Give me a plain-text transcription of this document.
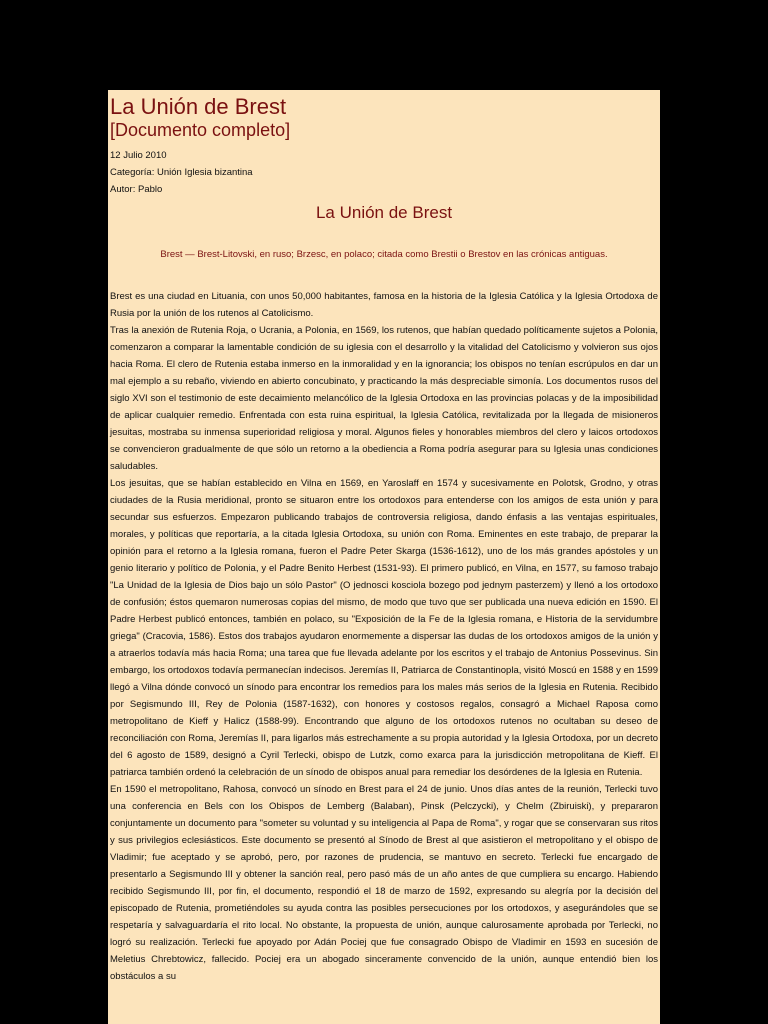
La Unión de Brest
[Documento completo]
12 Julio 2010
Categoría: Unión Iglesia bizantina
Autor: Pablo
La Unión de Brest

Brest — Brest-Litovski, en ruso; Brzesc, en polaco; citada como Brestii o Brestov en las crónicas antiguas.

Brest es una ciudad en Lituania, con unos 50,000 habitantes, famosa en la historia de la Iglesia Católica y la Iglesia Ortodoxa de Rusia por la unión de los rutenos al Catolicismo.

Tras la anexión de Rutenia Roja, o Ucrania, a Polonia, en 1569, los rutenos, que habían quedado políticamente sujetos a Polonia, comenzaron a comparar la lamentable condición de su iglesia con el desarrollo y la vitalidad del Catolicismo y volvieron sus ojos hacia Roma. El clero de Rutenia estaba inmerso en la inmoralidad y en la ignorancia; los obispos no tenían escrúpulos en dar un mal ejemplo a su rebaño, viviendo en abierto concubinato, y practicando la más despreciable simonía. Los documentos rusos del siglo XVI son el testimonio de este decaimiento melancólico de la Iglesia Ortodoxa en las provincias polacas y de la imposibilidad de aplicar cualquier remedio. Enfrentada con esta ruina espiritual, la Iglesia Católica, revitalizada por la llegada de misioneros jesuitas, mostraba su inmensa superioridad religiosa y moral. Algunos fieles y honorables miembros del clero y laicos ortodoxos se convencieron gradualmente de que sólo un retorno a la obediencia a Roma podría asegurar para su Iglesia unas condiciones saludables.

Los jesuitas, que se habían establecido en Vilna en 1569, en Yaroslaff en 1574 y sucesivamente en Polotsk, Grodno, y otras ciudades de la Rusia meridional, pronto se situaron entre los ortodoxos para entenderse con los amigos de esta unión y para secundar sus esfuerzos. Empezaron publicando trabajos de controversia religiosa, dando énfasis a las ventajas espirituales, morales, y políticas que reportaría, a la citada Iglesia Ortodoxa, su unión con Roma. Eminentes en este trabajo, de preparar la opinión para el retorno a la Iglesia romana, fueron el Padre Peter Skarga (1536-1612), uno de los más grandes apóstoles y un genio literario y político de Polonia, y el Padre Benito Herbest (1531-93). El primero publicó, en Vilna, en 1577, su famoso trabajo "La Unidad de la Iglesia de Dios bajo un sólo Pastor" (O jednosci kosciola bozego pod jednym pasterzem) y llenó a los ortodoxo de confusión; éstos quemaron numerosas copias del mismo, de modo que tuvo que ser publicada una nueva edición en 1590. El Padre Herbest publicó entonces, también en polaco, su "Exposición de la Fe de la Iglesia romana, e Historia de la servidumbre griega" (Cracovia, 1586). Estos dos trabajos ayudaron enormemente a dispersar las dudas de los ortodoxos amigos de la unión y a atraerlos todavía más hacia Roma; una tarea que fue llevada adelante por los escritos y el trabajo de Antonius Possevinus. Sin embargo, los ortodoxos todavía permanecían indecisos. Jeremías II, Patriarca de Constantinopla, visitó Moscú en 1588 y en 1599 llegó a Vilna dónde convocó un sínodo para encontrar los remedios para los males más serios de la Iglesia en Rutenia. Recibido por Segismundo III, Rey de Polonia (1587-1632), con honores y costosos regalos, consagró a Michael Raposa como metropolitano de Kieff y Halicz (1588-99). Encontrando que alguno de los ortodoxos rutenos no ocultaban su deseo de reconciliación con Roma, Jeremías II, para ligarlos más estrechamente a su propia autoridad y la Iglesia Ortodoxa, por un decreto del 6 agosto de 1589, designó a Cyril Terlecki, obispo de Lutzk, como exarca para la jurisdicción metropolitana de Kieff. El patriarca también ordenó la celebración de un sínodo de obispos anual para remediar los desórdenes de la Iglesia en Rutenia.

En 1590 el metropolitano, Rahosa, convocó un sínodo en Brest para el 24 de junio. Unos días antes de la reunión, Terlecki tuvo una conferencia en Bels con los Obispos de Lemberg (Balaban), Pinsk (Pelczycki), y Chelm (Zbiruiski), y prepararon conjuntamente un documento para "someter su voluntad y su inteligencia al Papa de Roma", y rogar que se conservaran sus ritos y sus privilegios eclesiásticos. Este documento se presentó al Sínodo de Brest al que asistieron el metropolitano y el obispo de Vladimir; fue aceptado y se aprobó, pero, por razones de prudencia, se mantuvo en secreto. Terlecki fue encargado de presentarlo a Segismundo III y obtener la sanción real, pero pasó más de un año antes de que cumpliera su encargo. Habiendo recibido Segismundo III, por fin, el documento, respondió el 18 de marzo de 1592, expresando su alegría por la decisión del episcopado de Rutenia, prometiéndoles su ayuda contra las posibles persecuciones por los ortodoxos, y asegurándoles que se respetaría y salvaguardaría el rito local. No obstante, la propuesta de unión, aunque calurosamente aprobada por Terlecki, no logró su realización. Terlecki fue apoyado por Adán Pociej que fue consagrado Obispo de Vladimir en 1593 en sucesión de Meletius Chrebtowicz, fallecido. Pociej era un abogado sinceramente convencido de la unión, aunque entendió bien los obstáculos a su
